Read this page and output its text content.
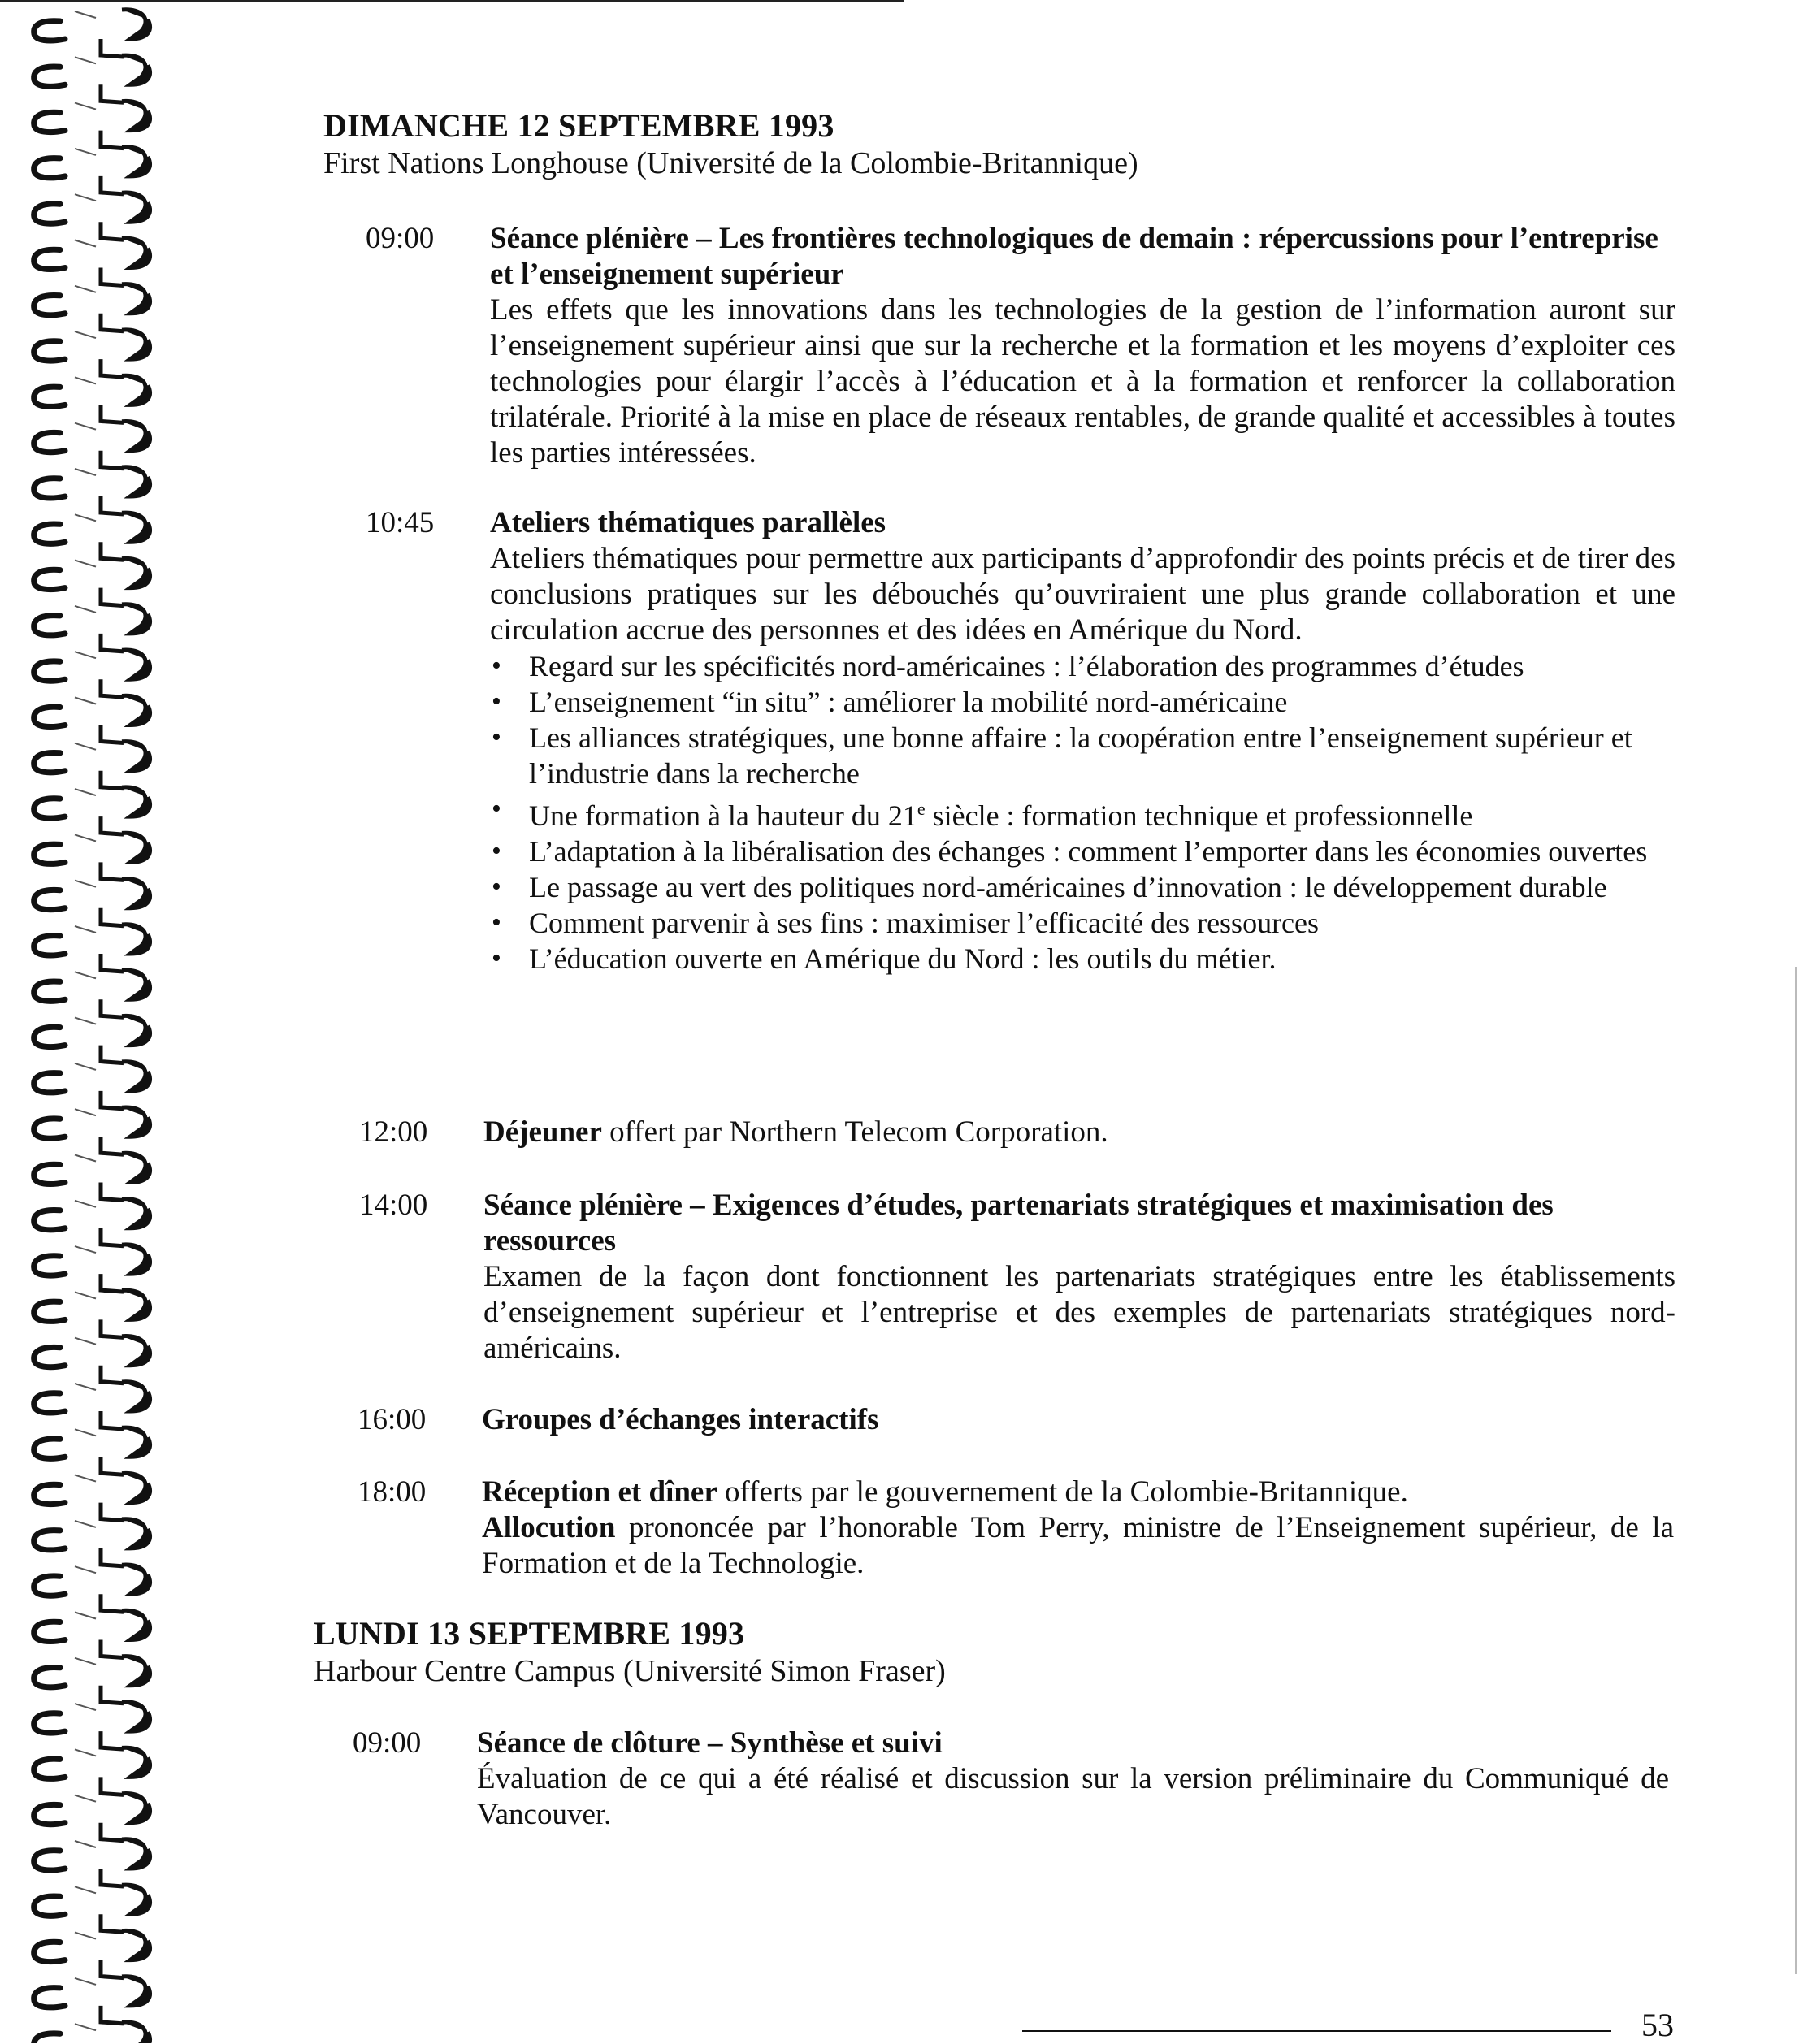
DIMANCHE 12 SEPTEMBRE 1993
First Nations Longhouse (Université de la Colombie-Britannique)
09:00	Séance plénière – Les frontières technologiques de demain : répercussions pour l’entreprise et l’enseignement supérieur
Les effets que les innovations dans les technologies de la gestion de l’information auront sur l’enseignement supérieur ainsi que sur la recherche et la formation et les moyens d’exploiter ces technologies pour élargir l’accès à l’éducation et à la formation et renforcer la collaboration trilatérale. Priorité à la mise en place de réseaux rentables, de grande qualité et accessibles à toutes les parties intéressées.
10:45	Ateliers thématiques parallèles
Ateliers thématiques pour permettre aux participants d’approfondir des points précis et de tirer des conclusions pratiques sur les débouchés qu’ouvriraient une plus grande collaboration et une circulation accrue des personnes et des idées en Amérique du Nord.
• Regard sur les spécificités nord-américaines : l’élaboration des programmes d’études
• L’enseignement “in situ” : améliorer la mobilité nord-américaine
• Les alliances stratégiques, une bonne affaire : la coopération entre l’enseignement supérieur et l’industrie dans la recherche
• Une formation à la hauteur du 21e siècle : formation technique et professionnelle
• L’adaptation à la libéralisation des échanges : comment l’emporter dans les économies ouvertes
• Le passage au vert des politiques nord-américaines d’innovation : le développement durable
• Comment parvenir à ses fins : maximiser l’efficacité des ressources
• L’éducation ouverte en Amérique du Nord : les outils du métier.
12:00	Déjeuner offert par Northern Telecom Corporation.
14:00	Séance plénière – Exigences d’études, partenariats stratégiques et maximisation des ressources
Examen de la façon dont fonctionnent les partenariats stratégiques entre les établissements d’enseignement supérieur et l’entreprise et des exemples de partenariats stratégiques nord-américains.
16:00	Groupes d’échanges interactifs
18:00	Réception et dîner offerts par le gouvernement de la Colombie-Britannique.
Allocution prononcée par l’honorable Tom Perry, ministre de l’Enseignement supérieur, de la Formation et de la Technologie.
LUNDI 13 SEPTEMBRE 1993
Harbour Centre Campus (Université Simon Fraser)
09:00	Séance de clôture – Synthèse et suivi
Évaluation de ce qui a été réalisé et discussion sur la version préliminaire du Communiqué de Vancouver.
53
